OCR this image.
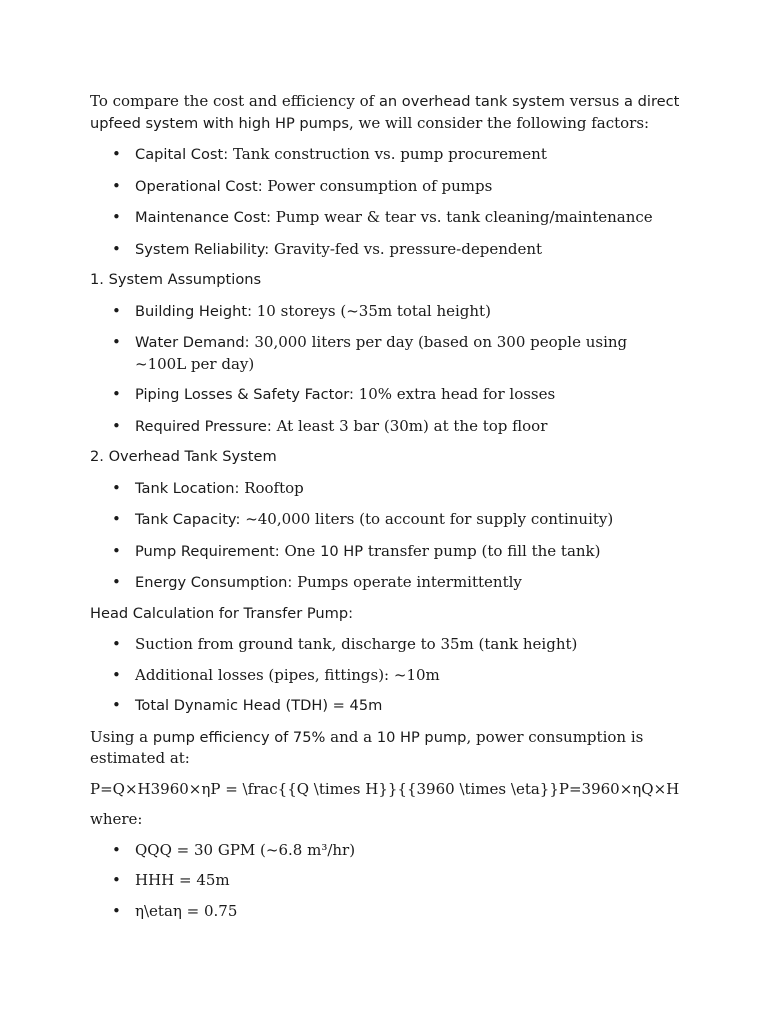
To compare the cost and efficiency of an overhead tank system versus a direct upfeed system with high HP pumps, we will consider the following factors:

• Capital Cost: Tank construction vs. pump procurement
• Operational Cost: Power consumption of pumps
• Maintenance Cost: Pump wear & tear vs. tank cleaning/maintenance
• System Reliability: Gravity-fed vs. pressure-dependent

1. System Assumptions

• Building Height: 10 storeys (~35m total height)
• Water Demand: 30,000 liters per day (based on 300 people using ~100L per day)
• Piping Losses & Safety Factor: 10% extra head for losses
• Required Pressure: At least 3 bar (30m) at the top floor

2. Overhead Tank System

• Tank Location: Rooftop
• Tank Capacity: ~40,000 liters (to account for supply continuity)
• Pump Requirement: One 10 HP transfer pump (to fill the tank)
• Energy Consumption: Pumps operate intermittently

Head Calculation for Transfer Pump:

• Suction from ground tank, discharge to 35m (tank height)
• Additional losses (pipes, fittings): ~10m
• Total Dynamic Head (TDH) = 45m

Using a pump efficiency of 75% and a 10 HP pump, power consumption is estimated at:

P=Q×H3960×ηP = \frac{{Q \times H}}{{3960 \times \eta}}P=3960×ηQ×H

where:

• QQQ = 30 GPM (~6.8 m³/hr)
• HHH = 45m
• η\etaη = 0.75
